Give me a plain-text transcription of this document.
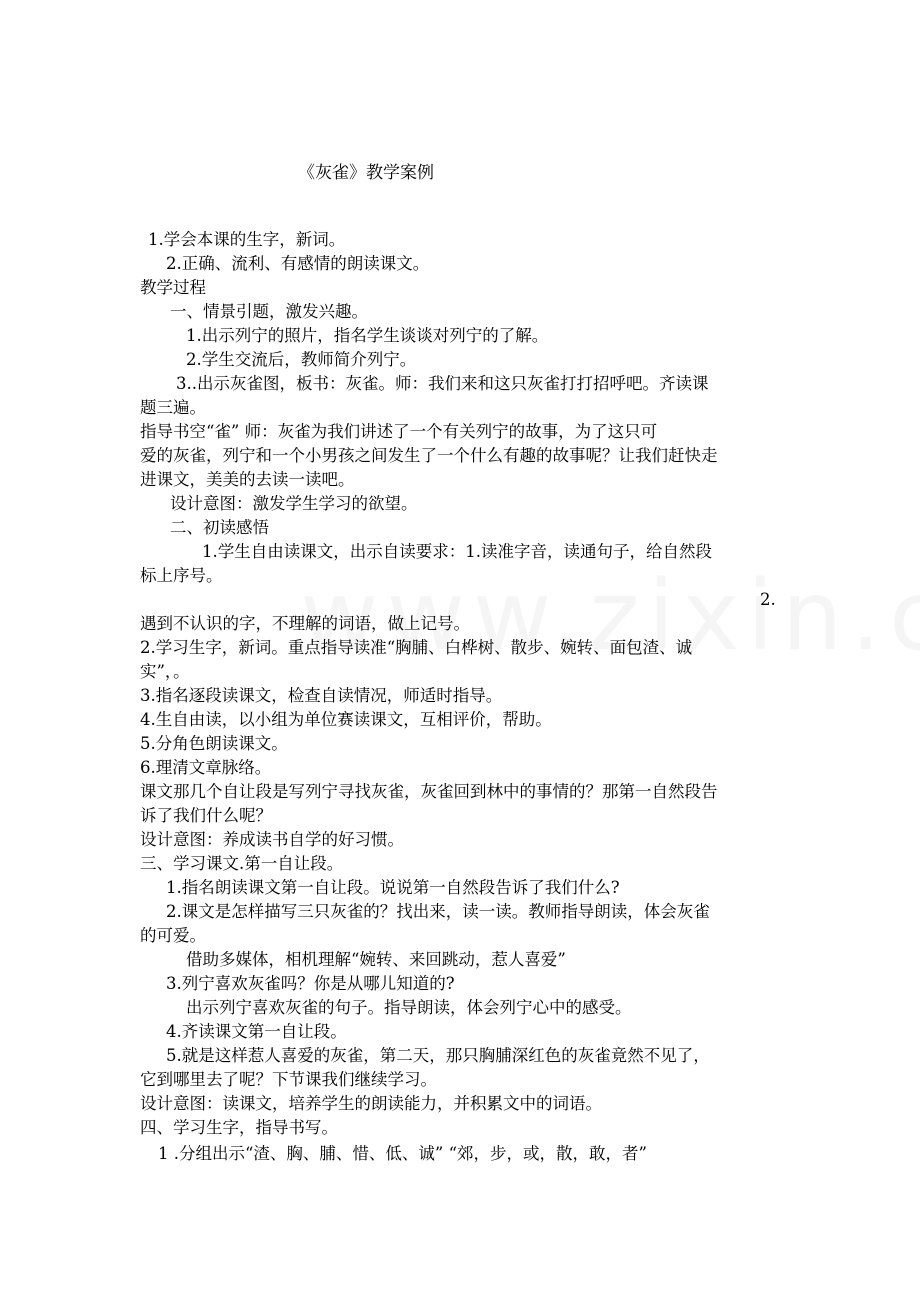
《灰雀》教学案例
1.学会本课的生字，新词。
2.正确、流利、有感情的朗读课文。
教学过程
一、情景引题，激发兴趣。
1.出示列宁的照片，指名学生谈谈对列宁的了解。
2.学生交流后，教师简介列宁。
3..出示灰雀图，板书：灰雀。师：我们来和这只灰雀打打招呼吧。齐读课
题三遍。
指导书空“雀” 师：灰雀为我们讲述了一个有关列宁的故事，为了这只可
爱的灰雀，列宁和一个小男孩之间发生了一个什么有趣的故事呢？让我们赶快走
进课文，美美的去读一读吧。
设计意图：激发学生学习的欲望。
二、初读感悟
1.学生自由读课文，出示自读要求：1.读准字音，读通句子，给自然段
标上序号。
2.
遇到不认识的字，不理解的词语，做上记号。
2.学习生字，新词。重点指导读准“胸脯、白桦树、散步、婉转、面包渣、诚
实”，。
3.指名逐段读课文，检查自读情况，师适时指导。
4.生自由读，以小组为单位赛读课文，互相评价，帮助。
5.分角色朗读课文。
6.理清文章脉络。
课文那几个自让段是写列宁寻找灰雀，灰雀回到林中的事情的？那第一自然段告
诉了我们什么呢？
设计意图：养成读书自学的好习惯。
三、学习课文.第一自让段。
1.指名朗读课文第一自让段。说说第一自然段告诉了我们什么?
2.课文是怎样描写三只灰雀的？找出来，读一读。教师指导朗读，体会灰雀
的可爱。
借助多媒体，相机理解“婉转、来回跳动，惹人喜爱”
3.列宁喜欢灰雀吗？你是从哪儿知道的?
出示列宁喜欢灰雀的句子。指导朗读，体会列宁心中的感受。
4.齐读课文第一自让段。
5.就是这样惹人喜爱的灰雀，第二天，那只胸脯深红色的灰雀竟然不见了，
它到哪里去了呢？下节课我们继续学习。
设计意图：读课文，培养学生的朗读能力，并积累文中的词语。
四、学习生字，指导书写。
1 .分组出示“渣、胸、脯、惜、低、诚” “郊，步，或，散，敢，者”
